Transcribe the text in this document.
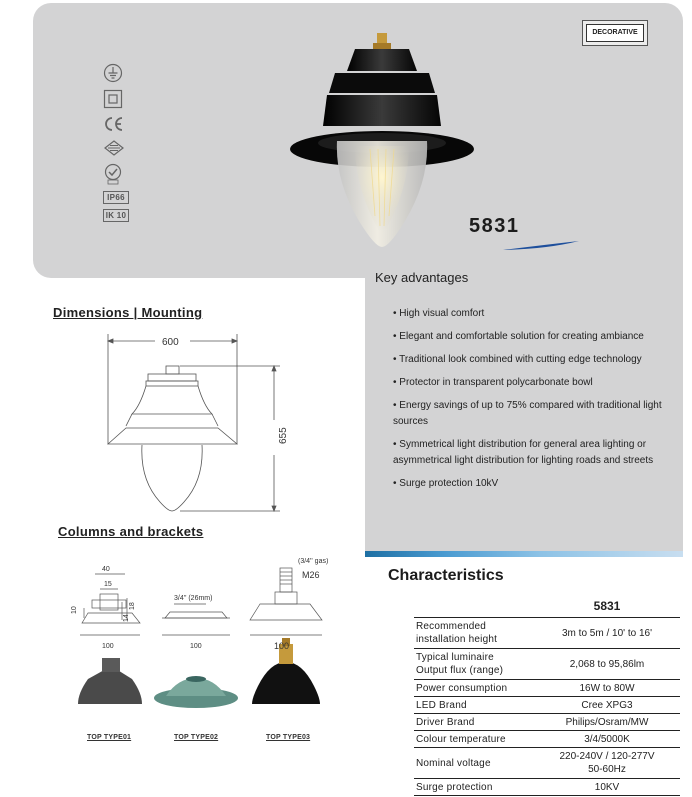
IP66
IK 10
DECORATIVE
5831
Key advantages
• High visual comfort
• Elegant and comfortable solution for creating ambiance
• Traditional look combined with cutting edge technology
• Protector in transparent polycarbonate bowl
• Energy savings of up to 75% compared with traditional light sources
• Symmetrical light distribution for general area lighting or asymmetrical light distribution for lighting roads and streets
• Surge protection 10kV
Dimensions | Mounting
600
655
Columns and brackets
40
15
10
18
14
100
3/4'' (26mm)
100
(3/4'' gas)
M26
100
TOP TYPE01	TOP TYPE02	TOP TYPE03
Characteristics
	5831
Recommended
installation height	3m to 5m / 10' to 16'
Typical luminaire
Output flux (range)	2,068 to 95,86lm
Power consumption	16W to 80W
LED Brand	Cree XPG3
Driver Brand	Philips/Osram/MW
Colour temperature	3/4/5000K
Nominal voltage	220-240V / 120-277V
50-60Hz
Surge protection	10KV
